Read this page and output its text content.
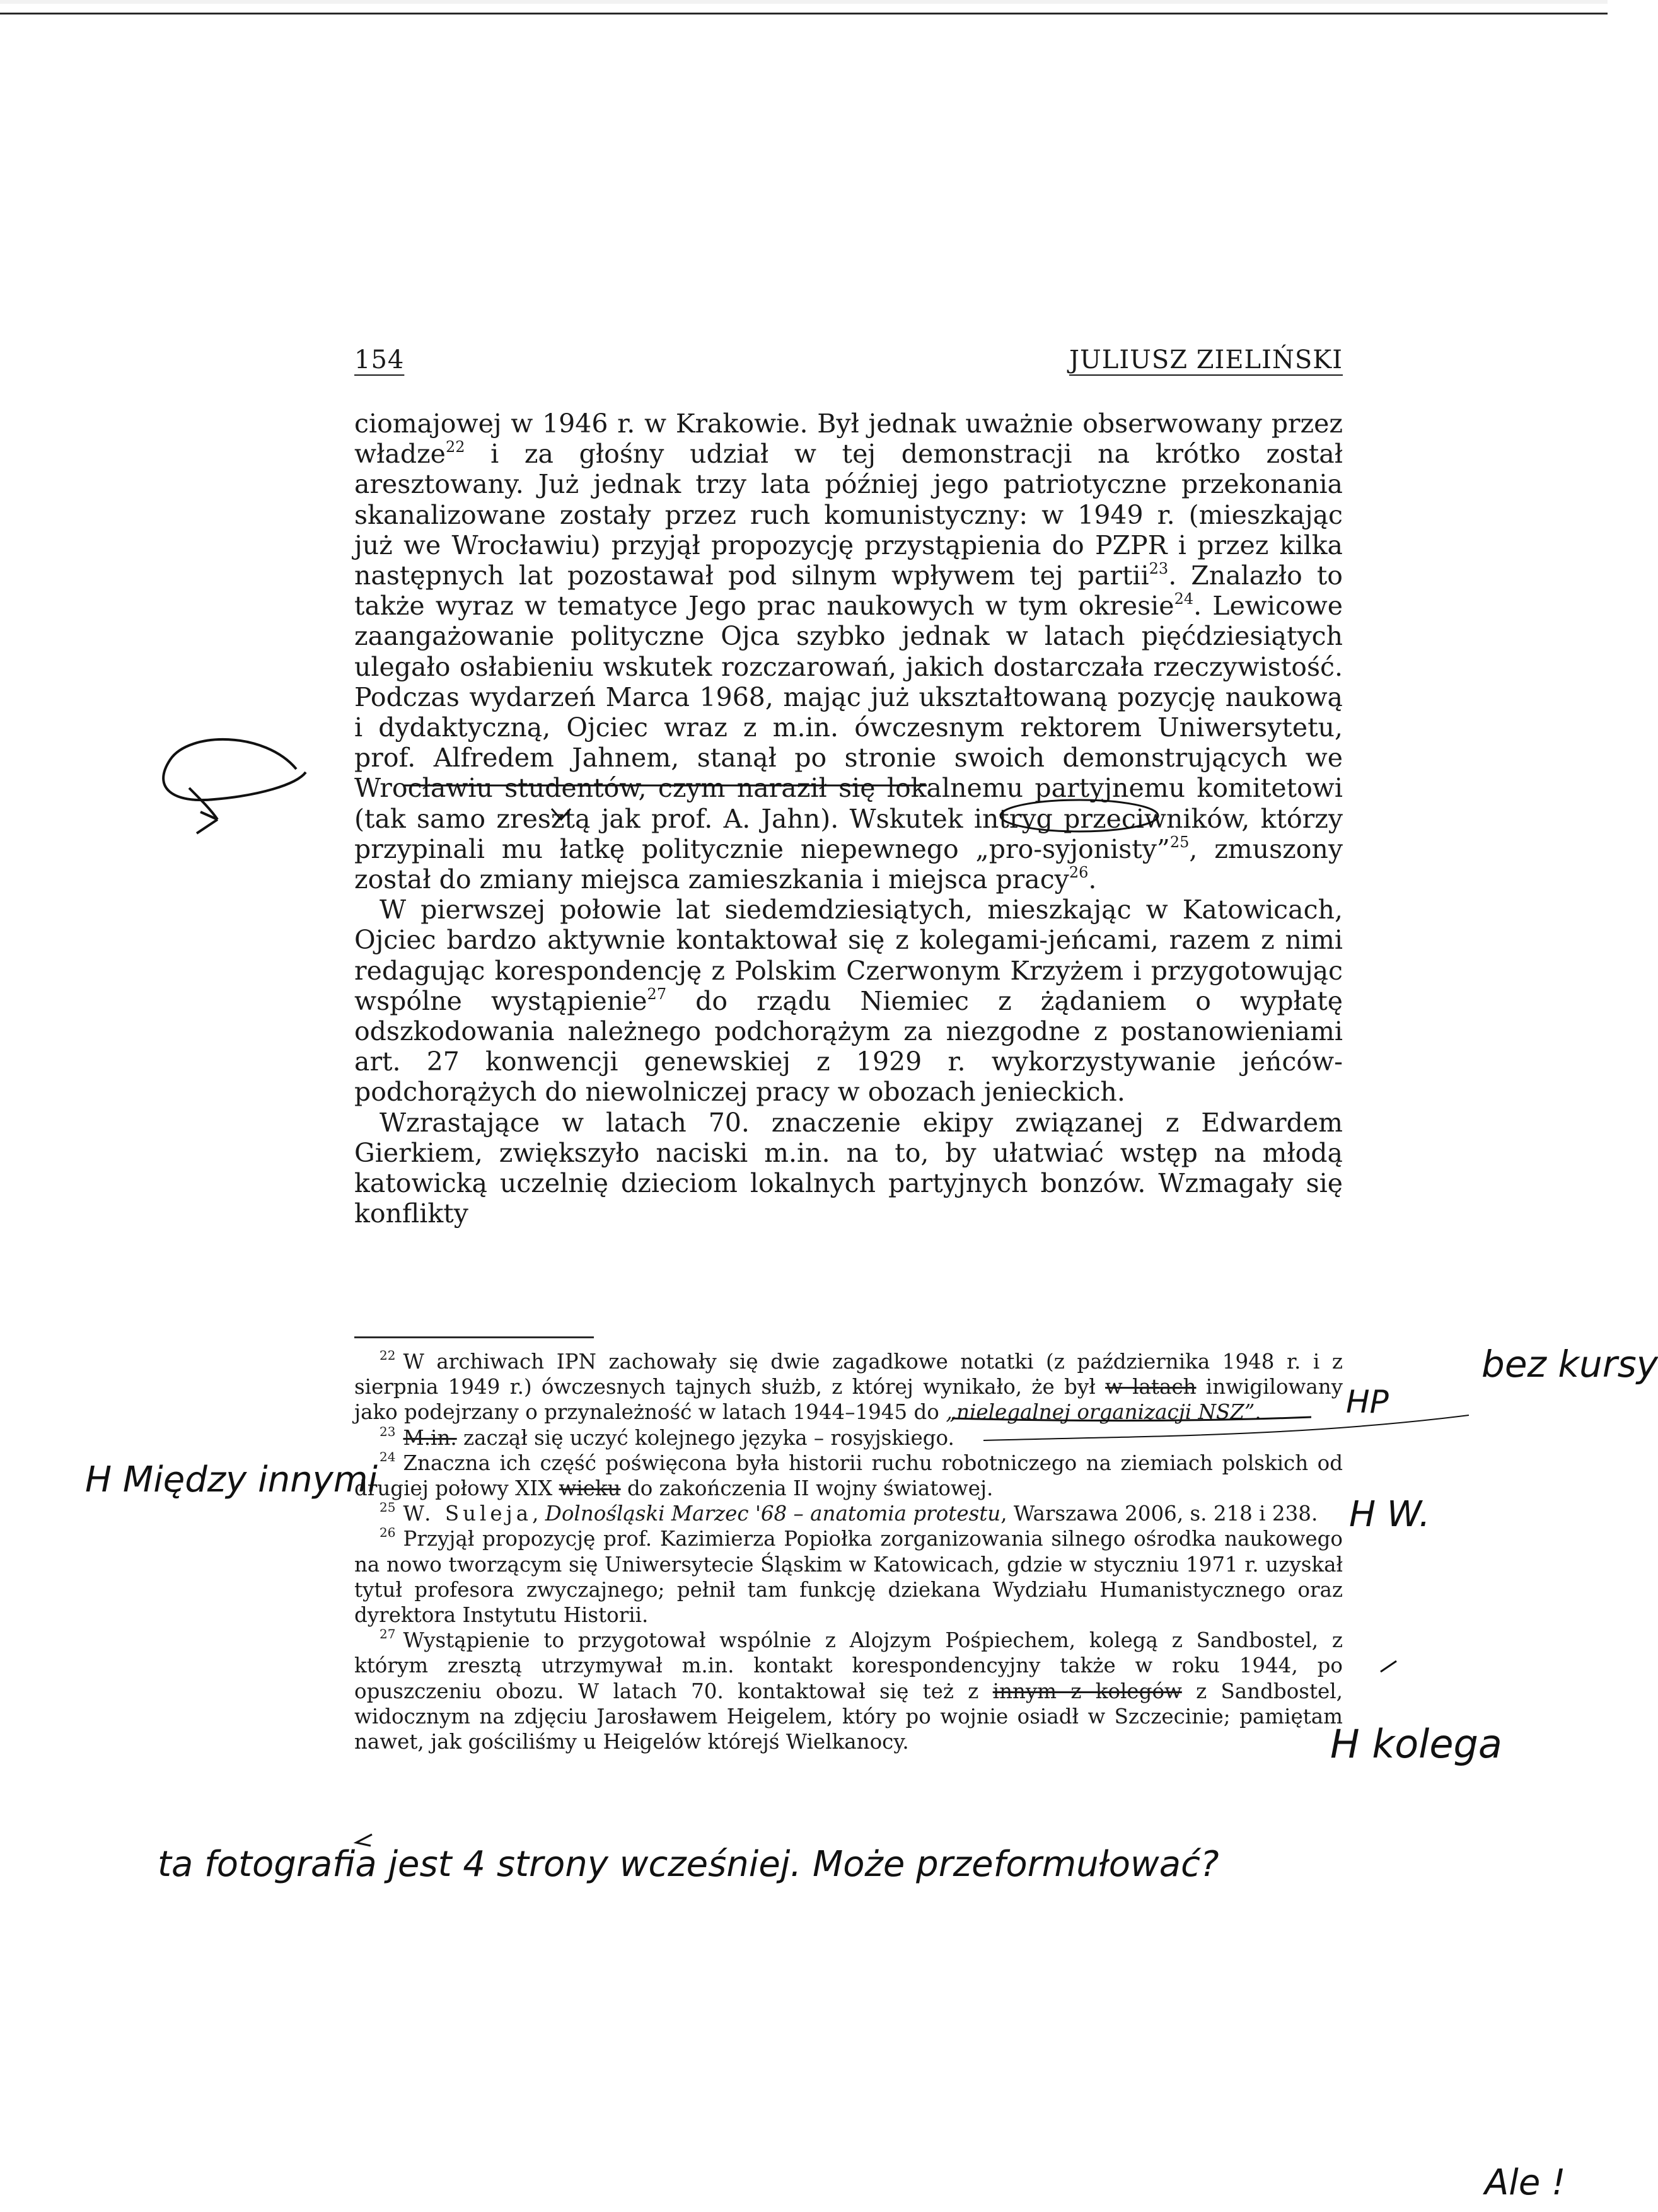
154	JULIUSZ ZIELIŃSKI

ciomajowej w 1946 r. w Krakowie. Był jednak uważnie obserwowany przez władze$^{22}$ i za głośny udział w tej demonstracji na krótko został aresztowany. Już jednak trzy lata później jego patriotyczne przekonania skanalizowane zostały przez ruch komunistyczny: w 1949 r. (mieszkając już we Wrocławiu) przyjął propozycję przystąpienia do PZPR i przez kilka następnych lat pozostawał pod silnym wpływem tej partii$^{23}$. Znalazło to także wyraz w tematyce Jego prac naukowych w tym okresie$^{24}$. Lewicowe zaangażowanie polityczne Ojca szybko jednak w latach pięćdziesiątych ulegało osłabieniu wskutek rozczarowań, jakich dostarczała rzeczywistość. Podczas wydarzeń Marca 1968, mając już ukształtowaną pozycję naukową i dydaktyczną, Ojciec wraz z m.in. ówczesnym rektorem Uniwersytetu, prof. Alfredem Jahnem, stanął po stronie swoich demonstrujących we Wrocławiu studentów, czym naraził się lokalnemu partyjnemu komitetowi (tak samo zresztą jak prof. A. Jahn). Wskutek intryg przeciwników, którzy przypinali mu łatkę politycznie niepewnego „pro-syjonisty”$^{25}$, zmuszony został do zmiany miejsca zamieszkania i miejsca pracy$^{26}$.

W pierwszej połowie lat siedemdziesiątych, mieszkając w Katowicach, Ojciec bardzo aktywnie kontaktował się z kolegami-jeńcami, razem z nimi redagując korespondencję z Polskim Czerwonym Krzyżem i przygotowując wspólne wystąpienie$^{27}$ do rządu Niemiec z żądaniem o wypłatę odszkodowania należnego podchorążym za niezgodne z postanowieniami art. 27 konwencji genewskiej z 1929 r. wykorzystywanie jeńców-podchorążych do niewolniczej pracy w obozach jenieckich.

Wzrastające w latach 70. znaczenie ekipy związanej z Edwardem Gierkiem, zwiększyło naciski m.in. na to, by ułatwiać wstęp na młodą katowicką uczelnię dzieciom lokalnych partyjnych bonzów. Wzmagały się konflikty

$^{22}$ W archiwach IPN zachowały się dwie zagadkowe notatki (z października 1948 r. i z sierpnia 1949 r.) ówczesnych tajnych służb, z której wynikało, że był w latach inwigilowany jako podejrzany o przynależność w latach 1944–1945 do „nielegalnej organizacji NSZ”.

$^{23}$ M.in. zaczął się uczyć kolejnego języka – rosyjskiego.

$^{24}$ Znaczna ich część poświęcona była historii ruchu robotniczego na ziemiach polskich od drugiej połowy XIX wieku do zakończenia II wojny światowej.

$^{25}$ W. Suleja, Dolnośląski Marzec '68 – anatomia protestu, Warszawa 2006, s. 218 i 238.

$^{26}$ Przyjął propozycję prof. Kazimierza Popiołka zorganizowania silnego ośrodka naukowego na nowo tworzącym się Uniwersytecie Śląskim w Katowicach, gdzie w styczniu 1971 r. uzyskał tytuł profesora zwyczajnego; pełnił tam funkcję dziekana Wydziału Humanistycznego oraz dyrektora Instytutu Historii.

$^{27}$ Wystąpienie to przygotował wspólnie z Alojzym Pośpiechem, kolegą z Sandbostel, z którym zresztą utrzymywał m.in. kontakt korespondencyjny także w roku 1944, po opuszczeniu obozu. W latach 70. kontaktował się też z innym z kolegów z Sandbostel, widocznym na zdjęciu Jarosławem Heigelem, który po wojnie osiadł w Szczecinie; pamiętam nawet, jak gościliśmy u Heigelów którejś Wielkanocy.

bez kursy
HP
H Między innymi
H W.
H kolega
ta fotografia jest 4 strony wcześniej. Może przeformułować?
Ale !
